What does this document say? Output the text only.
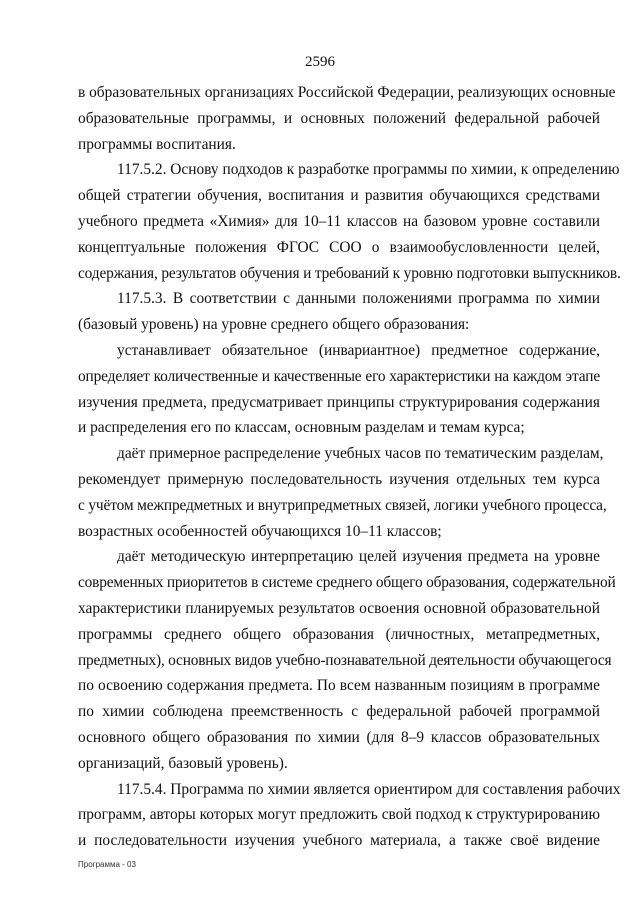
2596

в образовательных организациях Российской Федерации, реализующих основные
образовательные программы, и основных положений федеральной рабочей
программы воспитания.

117.5.2. Основу подходов к разработке программы по химии, к определению
общей стратегии обучения, воспитания и развития обучающихся средствами
учебного предмета «Химия» для 10–11 классов на базовом уровне составили
концептуальные положения ФГОС СОО о взаимообусловленности целей,
содержания, результатов обучения и требований к уровню подготовки выпускников.

117.5.3. В соответствии с данными положениями программа по химии
(базовый уровень) на уровне среднего общего образования:

устанавливает обязательное (инвариантное) предметное содержание,
определяет количественные и качественные его характеристики на каждом этапе
изучения предмета, предусматривает принципы структурирования содержания
и распределения его по классам, основным разделам и темам курса;

даёт примерное распределение учебных часов по тематическим разделам,
рекомендует примерную последовательность изучения отдельных тем курса
с учётом межпредметных и внутрипредметных связей, логики учебного процесса,
возрастных особенностей обучающихся 10–11 классов;

даёт методическую интерпретацию целей изучения предмета на уровне
современных приоритетов в системе среднего общего образования, содержательной
характеристики планируемых результатов освоения основной образовательной
программы среднего общего образования (личностных, метапредметных,
предметных), основных видов учебно-познавательной деятельности обучающегося
по освоению содержания предмета. По всем названным позициям в программе
по химии соблюдена преемственность с федеральной рабочей программой
основного общего образования по химии (для 8–9 классов образовательных
организаций, базовый уровень).

117.5.4. Программа по химии является ориентиром для составления рабочих
программ, авторы которых могут предложить свой подход к структурированию
и последовательности изучения учебного материала, а также своё видение

Программа - 03
